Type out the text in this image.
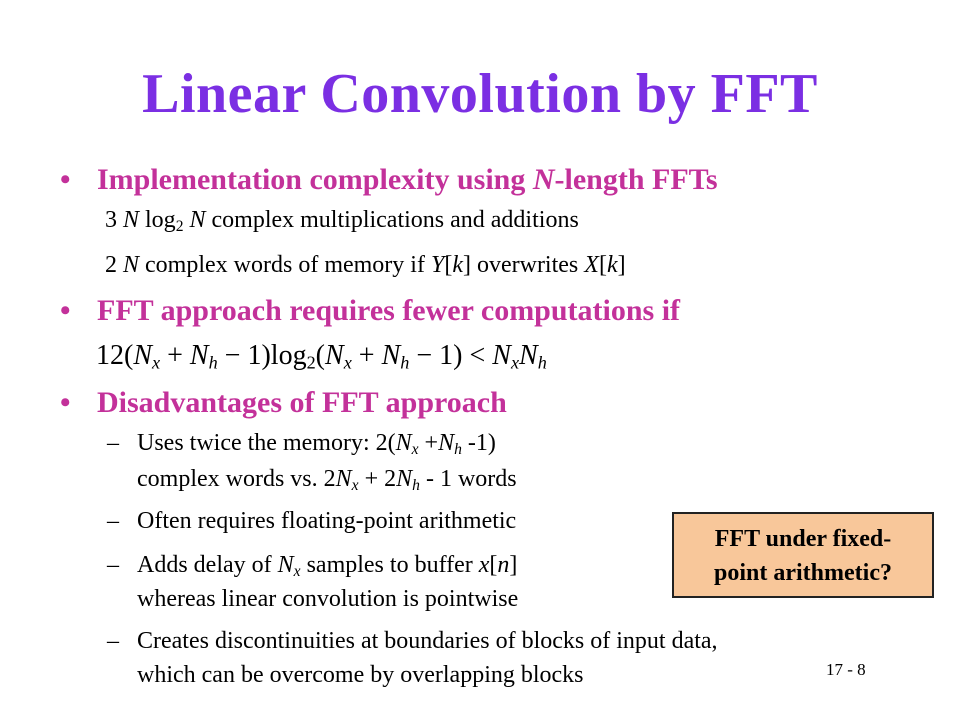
Linear Convolution by FFT
• Implementation complexity using N-length FFTs
3 N $\log_2 N$ complex multiplications and additions
2 N complex words of memory if Y[k] overwrites X[k]
• FFT approach requires fewer computations if
$12(N_x + N_h - 1)\log_2(N_x + N_h - 1) < N_xN_h$
• Disadvantages of FFT approach
– Uses twice the memory: $2(N_x +N_h$ -1)
complex words vs. $2N_x + 2N_h - 1$ words
– Often requires floating-point arithmetic
– Adds delay of $N_x$ samples to buffer x[n]
whereas linear convolution is pointwise
– Creates discontinuities at boundaries of blocks of input data,
which can be overcome by overlapping blocks
FFT under fixed-
point arithmetic?
17 - 8
